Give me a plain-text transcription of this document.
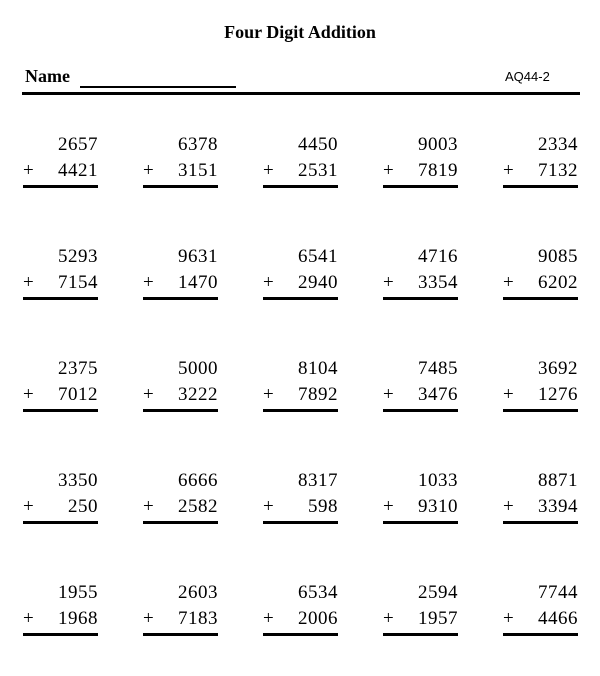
Four Digit Addition
Name	AQ44-2
2657
+ 4421
6378
+ 3151
4450
+ 2531
9003
+ 7819
2334
+ 7132
5293
+ 7154
9631
+ 1470
6541
+ 2940
4716
+ 3354
9085
+ 6202
2375
+ 7012
5000
+ 3222
8104
+ 7892
7485
+ 3476
3692
+ 1276
3350
+ 250
6666
+ 2582
8317
+ 598
1033
+ 9310
8871
+ 3394
1955
+ 1968
2603
+ 7183
6534
+ 2006
2594
+ 1957
7744
+ 4466
